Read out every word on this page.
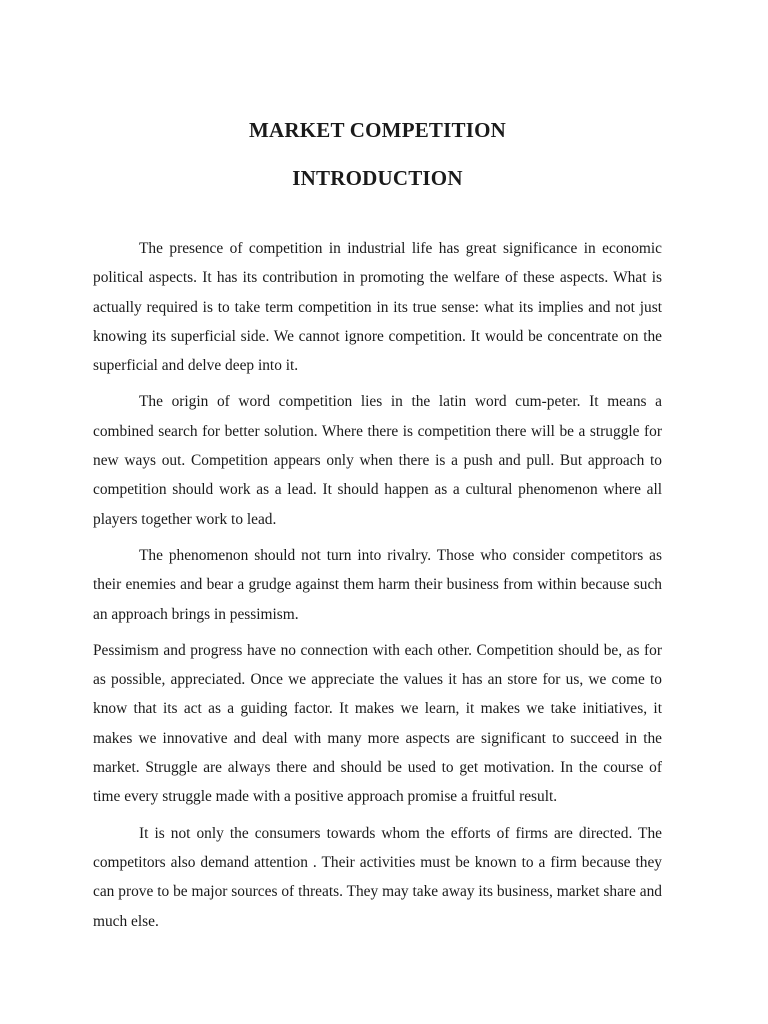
MARKET COMPETITION
INTRODUCTION

The presence of competition in industrial life has great significance in economic political aspects. It has its contribution in promoting the welfare of these aspects. What is actually required is to take term competition in its true sense: what its implies and not just knowing its superficial side. We cannot ignore competition. It would be concentrate on the superficial and delve deep into it.

The origin of word competition lies in the latin word cum-peter. It means a combined search for better solution. Where there is competition there will be a struggle for new ways out. Competition appears only when there is a push and pull. But approach to competition should work as a lead. It should happen as a cultural phenomenon where all players together work to lead.

The phenomenon should not turn into rivalry. Those who consider competitors as their enemies and bear a grudge against them harm their business from within because such an approach brings in pessimism.

Pessimism and progress have no connection with each other. Competition should be, as for as possible, appreciated. Once we appreciate the values it has an store for us, we come to know that its act as a guiding factor. It makes we learn, it makes we take initiatives, it makes we innovative and deal with many more aspects are significant to succeed in the market. Struggle are always there and should be used to get motivation. In the course of time every struggle made with a positive approach promise a fruitful result.

It is not only the consumers towards whom the efforts of firms are directed. The competitors also demand attention . Their activities must be known to a firm because they can prove to be major sources of threats. They may take away its business, market share and much else.
